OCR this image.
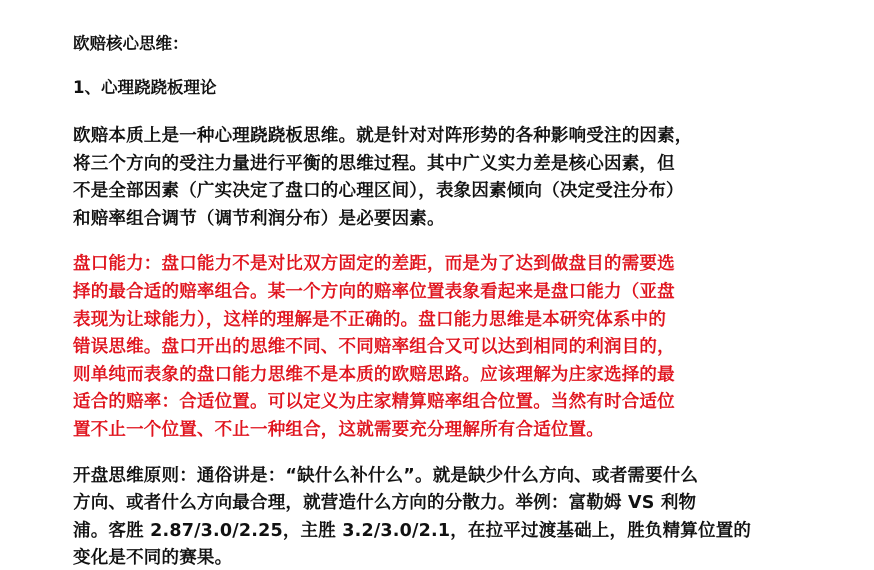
欧赔核心思维：
1、心理跷跷板理论

欧赔本质上是一种心理跷跷板思维。就是针对对阵形势的各种影响受注的因素，

将三个方向的受注力量进行平衡的思维过程。其中广义实力差是核心因素，但

不是全部因素（广实决定了盘口的心理区间），表象因素倾向（决定受注分布）

和赔率组合调节（调节利润分布）是必要因素。

盘口能力：盘口能力不是对比双方固定的差距，而是为了达到做盘目的需要选

择的最合适的赔率组合。某一个方向的赔率位置表象看起来是盘口能力（亚盘

表现为让球能力），这样的理解是不正确的。盘口能力思维是本研究体系中的

错误思维。盘口开出的思维不同、不同赔率组合又可以达到相同的利润目的，

则单纯而表象的盘口能力思维不是本质的欧赔思路。应该理解为庄家选择的最

适合的赔率：合适位置。可以定义为庄家精算赔率组合位置。当然有时合适位

置不止一个位置、不止一种组合，这就需要充分理解所有合适位置。

开盘思维原则：通俗讲是：“缺什么补什么”。就是缺少什么方向、或者需要什么

方向、或者什么方向最合理，就营造什么方向的分散力。举例：富勒姆 VS 利物

浦。客胜 2.87/3.0/2.25，主胜 3.2/3.0/2.1，在拉平过渡基础上，胜负精算位置的

变化是不同的赛果。
